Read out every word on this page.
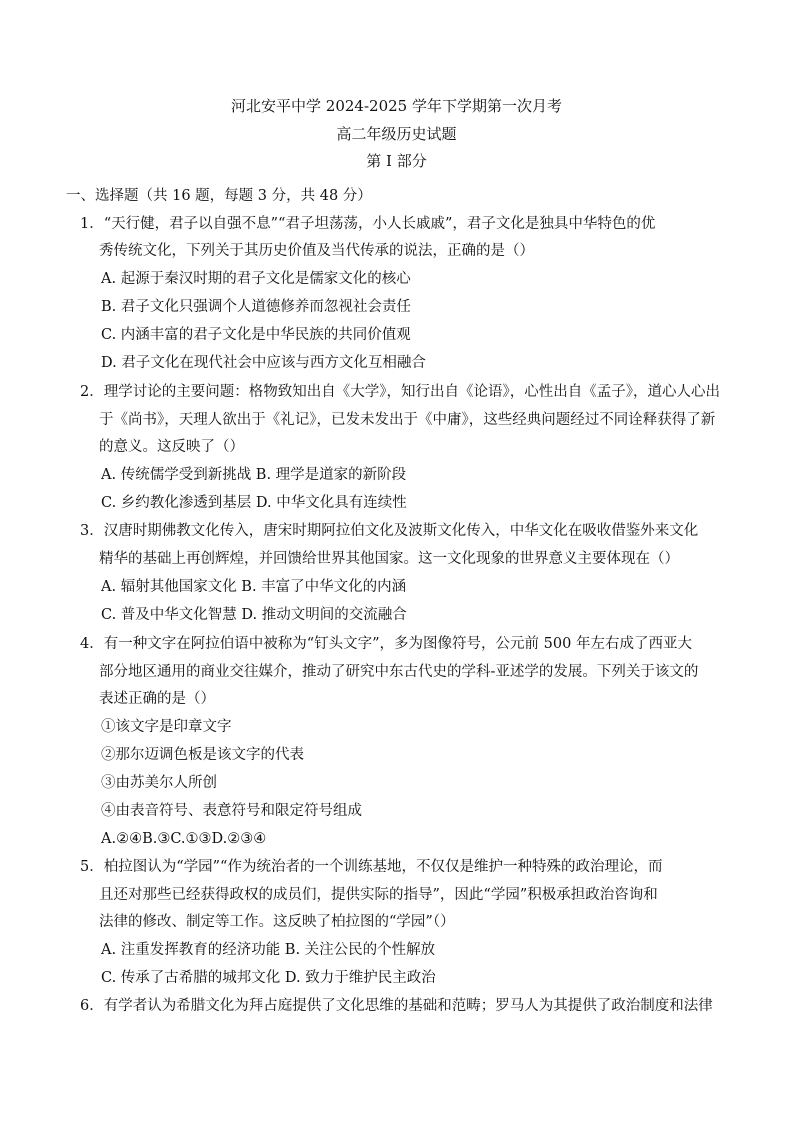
河北安平中学 2024-2025 学年下学期第一次月考
高二年级历史试题
第 I 部分
一、选择题（共 16 题，每题 3 分，共 48 分）
1．“天行健，君子以自强不息”“君子坦荡荡，小人长戚戚”，君子文化是独具中华特色的优
秀传统文化，下列关于其历史价值及当代传承的说法，正确的是（）
A. 起源于秦汉时期的君子文化是儒家文化的核心
B. 君子文化只强调个人道德修养而忽视社会责任
C. 内涵丰富的君子文化是中华民族的共同价值观
D. 君子文化在现代社会中应该与西方文化互相融合
2．理学讨论的主要问题：格物致知出自《大学》，知行出自《论语》，心性出自《孟子》，道心人心出
于《尚书》，天理人欲出于《礼记》，已发未发出于《中庸》，这些经典问题经过不同诠释获得了新
的意义。这反映了（）
A. 传统儒学受到新挑战 B. 理学是道家的新阶段
C. 乡约教化渗透到基层 D. 中华文化具有连续性
3．汉唐时期佛教文化传入，唐宋时期阿拉伯文化及波斯文化传入，中华文化在吸收借鉴外来文化
精华的基础上再创辉煌，并回馈给世界其他国家。这一文化现象的世界意义主要体现在（）
A. 辐射其他国家文化 B. 丰富了中华文化的内涵
C. 普及中华文化智慧 D. 推动文明间的交流融合
4．有一种文字在阿拉伯语中被称为“钉头文字”，多为图像符号，公元前 500 年左右成了西亚大
部分地区通用的商业交往媒介，推动了研究中东古代史的学科-亚述学的发展。下列关于该文的
表述正确的是（）
①该文字是印章文字
②那尔迈调色板是该文字的代表
③由苏美尔人所创
④由表音符号、表意符号和限定符号组成
A.②④B.③C.①③D.②③④
5．柏拉图认为“学园”“作为统治者的一个训练基地，不仅仅是维护一种特殊的政治理论，而
且还对那些已经获得政权的成员们，提供实际的指导”，因此“学园”积极承担政治咨询和
法律的修改、制定等工作。这反映了柏拉图的“学园”（）
A. 注重发挥教育的经济功能 B. 关注公民的个性解放
C. 传承了古希腊的城邦文化 D. 致力于维护民主政治
6．有学者认为希腊文化为拜占庭提供了文化思维的基础和范畴；罗马人为其提供了政治制度和法律
